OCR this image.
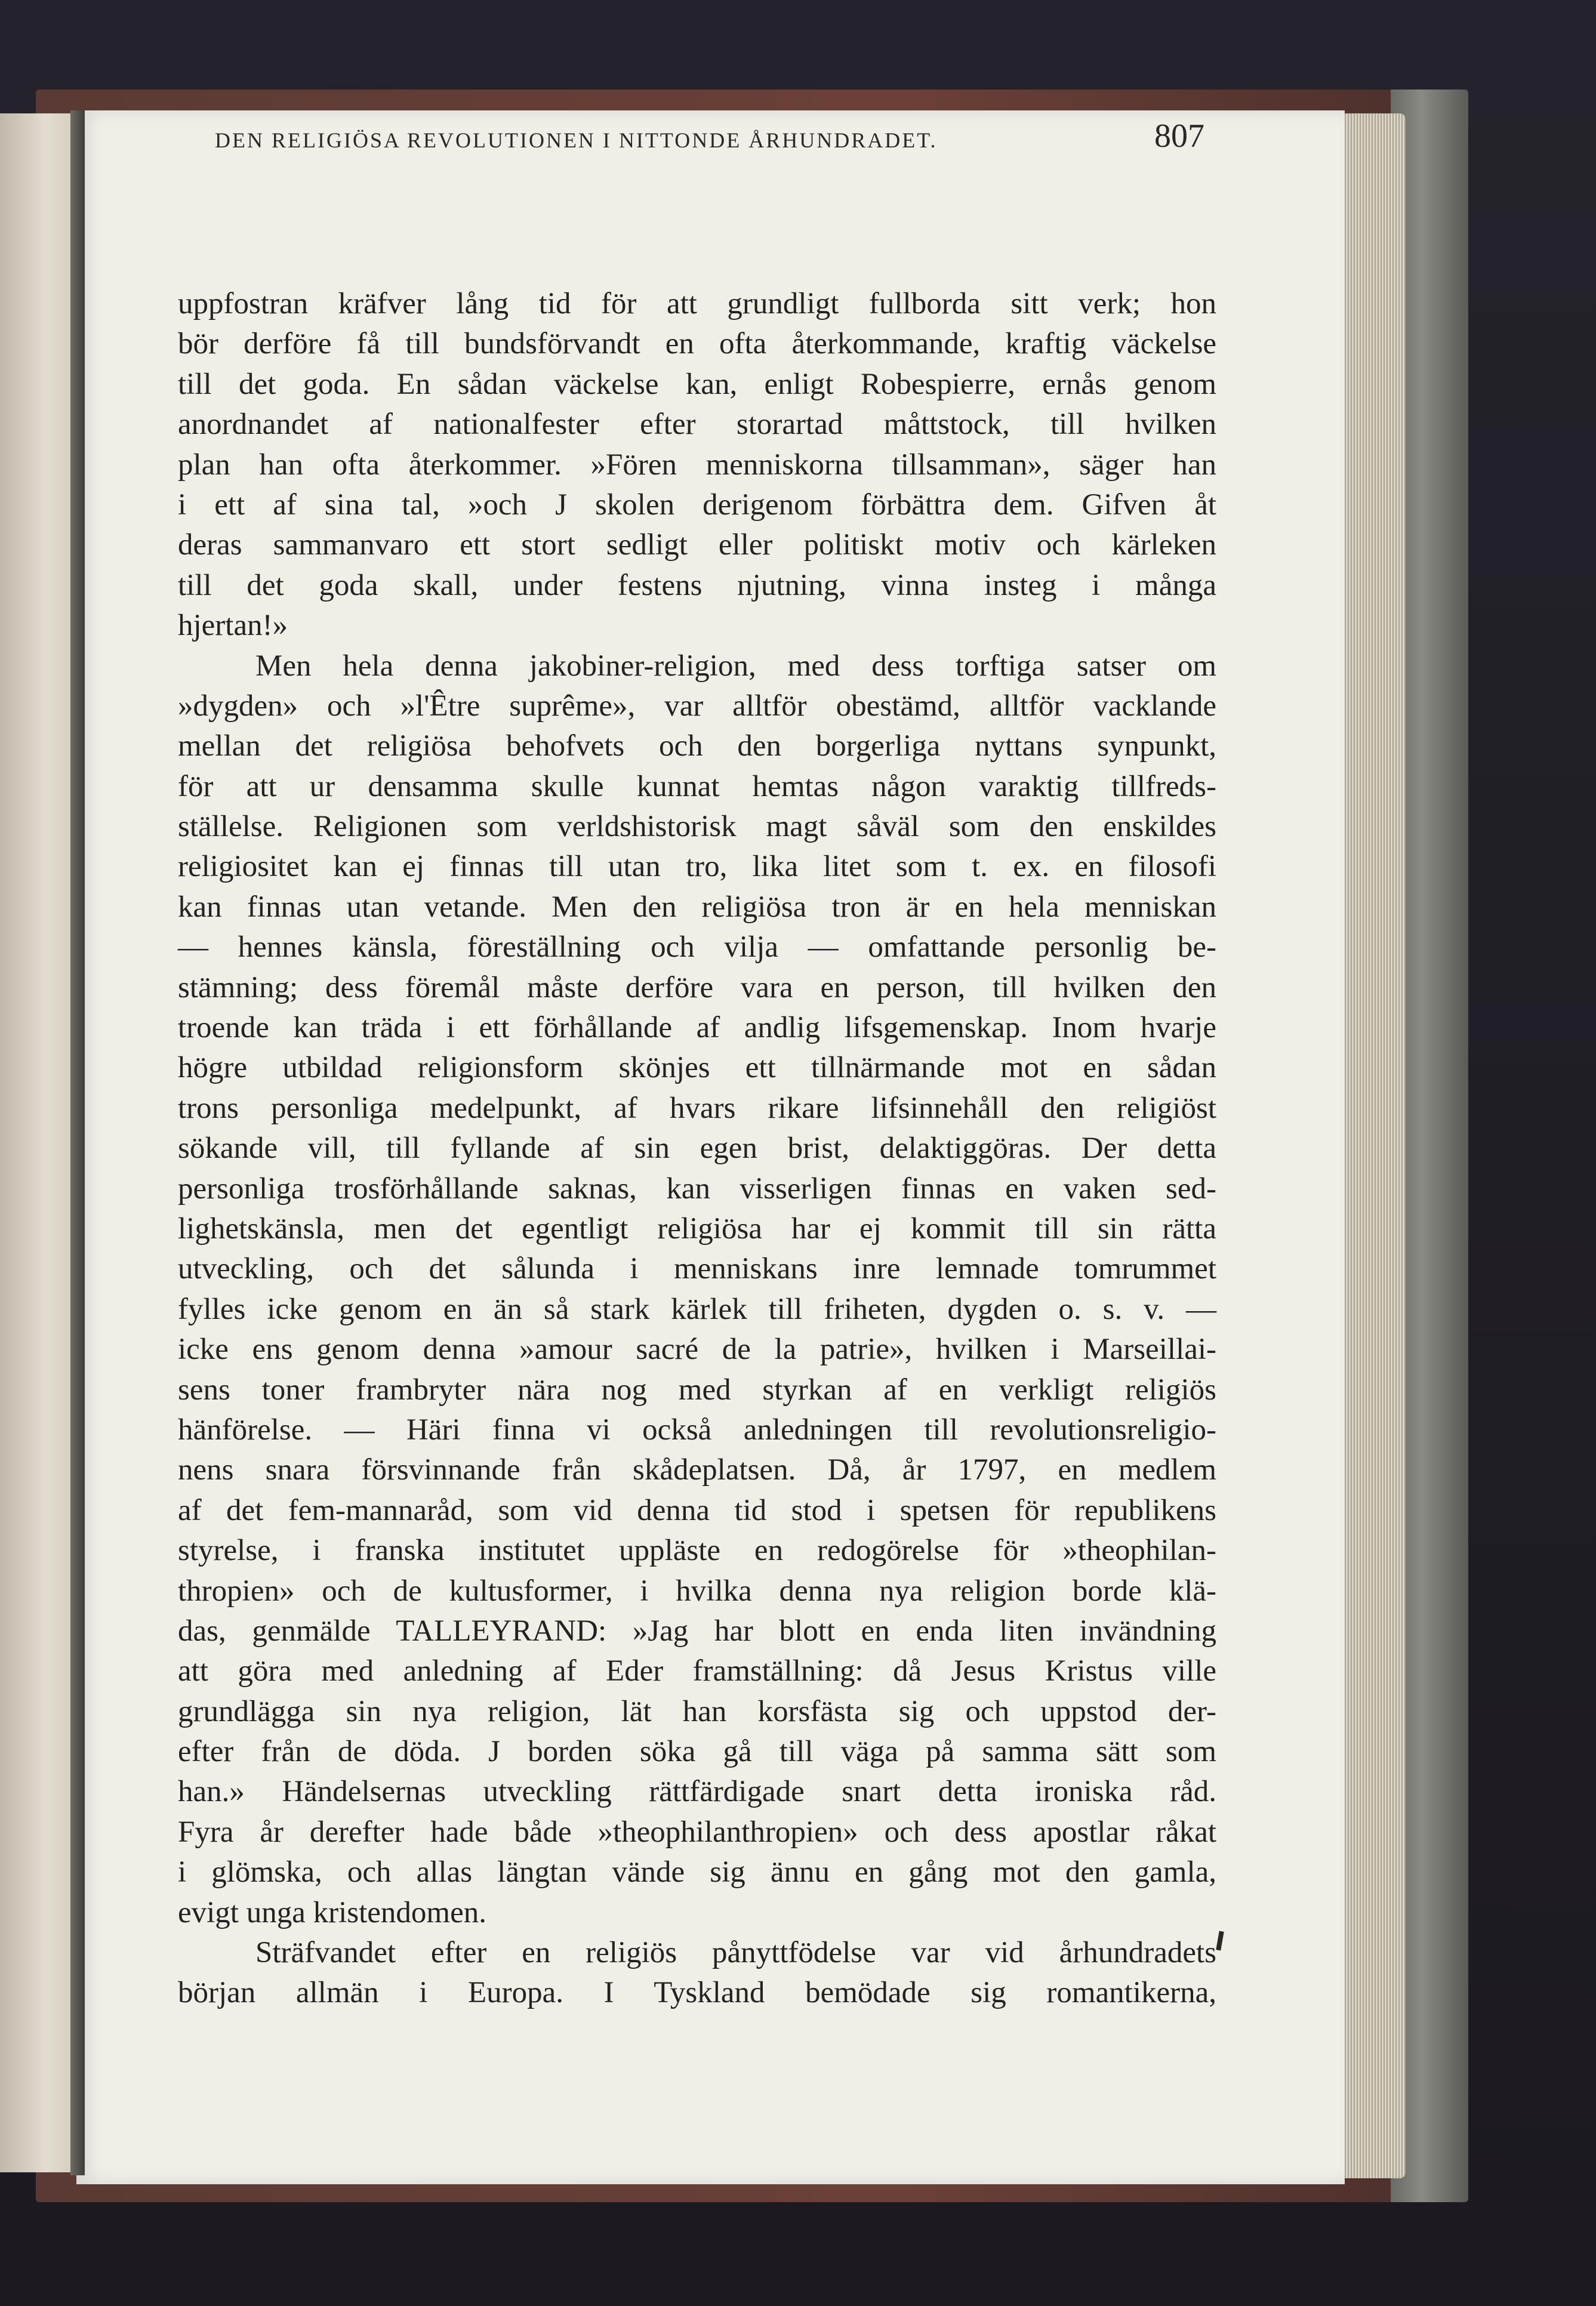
DEN RELIGIÖSA REVOLUTIONEN I NITTONDE ÅRHUNDRADET.	807
uppfostran kräfver lång tid för att grundligt fullborda sitt verk; hon
bör derföre få till bundsförvandt en ofta återkommande, kraftig väckelse
till det goda. En sådan väckelse kan, enligt Robespierre, ernås genom
anordnandet af nationalfester efter storartad måttstock, till hvilken
plan han ofta återkommer. »Fören menniskorna tillsamman», säger han
i ett af sina tal, »och J skolen derigenom förbättra dem. Gifven åt
deras sammanvaro ett stort sedligt eller politiskt motiv och kärleken
till det goda skall, under festens njutning, vinna insteg i många
hjertan!»
Men hela denna jakobiner-religion, med dess torftiga satser om
»dygden» och »l'Être suprême», var alltför obestämd, alltför vacklande
mellan det religiösa behofvets och den borgerliga nyttans synpunkt,
för att ur densamma skulle kunnat hemtas någon varaktig tillfreds-
ställelse. Religionen som verldshistorisk magt såväl som den enskildes
religiositet kan ej finnas till utan tro, lika litet som t. ex. en filosofi
kan finnas utan vetande. Men den religiösa tron är en hela menniskan
— hennes känsla, föreställning och vilja — omfattande personlig be-
stämning; dess föremål måste derföre vara en person, till hvilken den
troende kan träda i ett förhållande af andlig lifsgemenskap. Inom hvarje
högre utbildad religionsform skönjes ett tillnärmande mot en sådan
trons personliga medelpunkt, af hvars rikare lifsinnehåll den religiöst
sökande vill, till fyllande af sin egen brist, delaktiggöras. Der detta
personliga trosförhållande saknas, kan visserligen finnas en vaken sed-
lighetskänsla, men det egentligt religiösa har ej kommit till sin rätta
utveckling, och det sålunda i menniskans inre lemnade tomrummet
fylles icke genom en än så stark kärlek till friheten, dygden o. s. v. —
icke ens genom denna »amour sacré de la patrie», hvilken i Marseillai-
sens toner frambryter nära nog med styrkan af en verkligt religiös
hänförelse. — Häri finna vi också anledningen till revolutionsreligio-
nens snara försvinnande från skådeplatsen. Då, år 1797, en medlem
af det fem-mannaråd, som vid denna tid stod i spetsen för republikens
styrelse, i franska institutet uppläste en redogörelse för »theophilan-
thropien» och de kultusformer, i hvilka denna nya religion borde klä-
das, genmälde TALLEYRAND: »Jag har blott en enda liten invändning
att göra med anledning af Eder framställning: då Jesus Kristus ville
grundlägga sin nya religion, lät han korsfästa sig och uppstod der-
efter från de döda. J borden söka gå till väga på samma sätt som
han.» Händelsernas utveckling rättfärdigade snart detta ironiska råd.
Fyra år derefter hade både »theophilanthropien» och dess apostlar råkat
i glömska, och allas längtan vände sig ännu en gång mot den gamla,
evigt unga kristendomen.
Sträfvandet efter en religiös pånyttfödelse var vid århundradets
början allmän i Europa. I Tyskland bemödade sig romantikerna,
